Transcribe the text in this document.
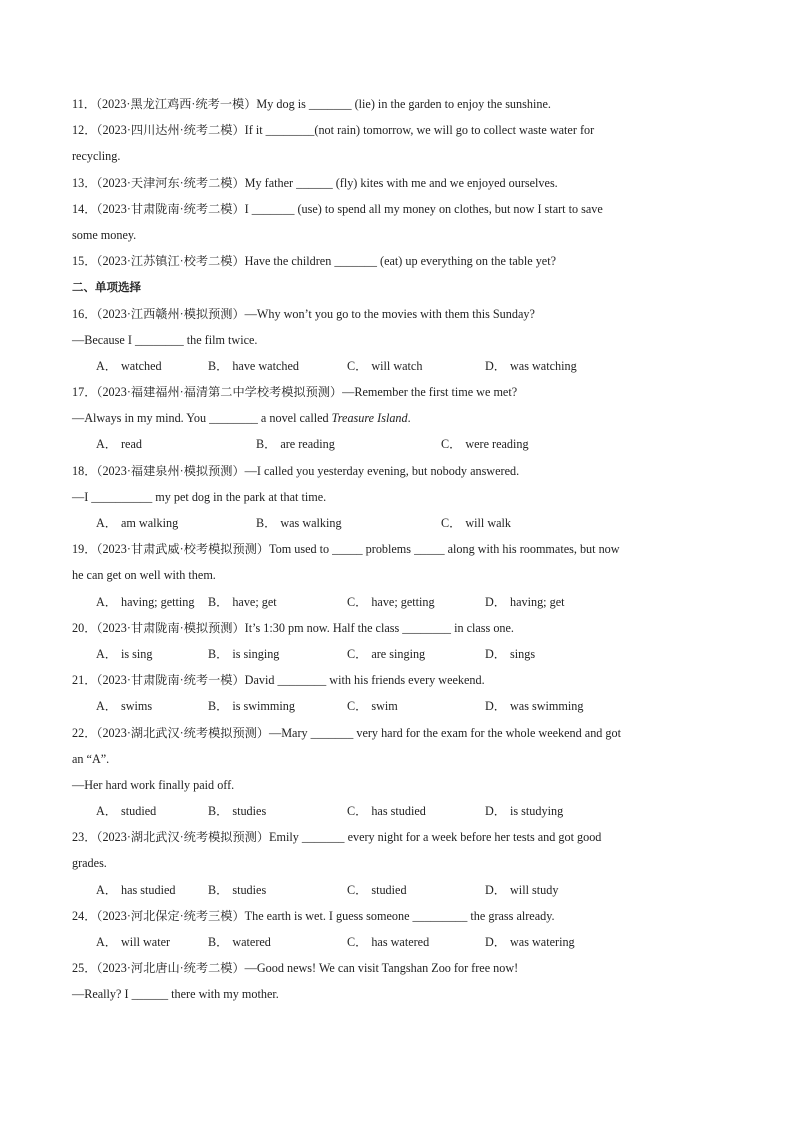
11．（2023·黑龙江鸡西·统考一模）My dog is _______ (lie) in the garden to enjoy the sunshine.
12．（2023·四川达州·统考二模）If it ________(not rain) tomorrow, we will go to collect waste water for
recycling.
13．（2023·天津河东·统考二模）My father ______ (fly) kites with me and we enjoyed ourselves.
14．（2023·甘肃陇南·统考二模）I _______ (use) to spend all my money on clothes, but now I start to save
some money.
15．（2023·江苏镇江·校考二模）Have the children _______ (eat) up everything on the table yet?
二、单项选择
16．（2023·江西赣州·模拟预测）—Why won’t you go to the movies with them this Sunday?
—Because I ________ the film twice.
A． watched	B． have watched	C． will watch	D． was watching
17．（2023·福建福州·福清第二中学校考模拟预测）—Remember the first time we met?
—Always in my mind. You ________ a novel called Treasure Island.
A． read	B． are reading	C． were reading
18．（2023·福建泉州·模拟预测）—I called you yesterday evening, but nobody answered.
—I __________ my pet dog in the park at that time.
A． am walking	B． was walking	C． will walk
19．（2023·甘肃武威·校考模拟预测）Tom used to _____ problems _____ along with his roommates, but now
he can get on well with them.
A． having; getting	B． have; get	C． have; getting	D． having; get
20．（2023·甘肃陇南·模拟预测）It’s 1:30 pm now. Half the class ________ in class one.
A． is sing	B． is singing	C． are singing	D． sings
21．（2023·甘肃陇南·统考一模）David ________ with his friends every weekend.
A． swims	B． is swimming	C． swim	D． was swimming
22．（2023·湖北武汉·统考模拟预测）—Mary _______ very hard for the exam for the whole weekend and got
an “A”.
—Her hard work finally paid off.
A． studied	B． studies	C． has studied	D． is studying
23．（2023·湖北武汉·统考模拟预测）Emily _______ every night for a week before her tests and got good
grades.
A． has studied	B． studies	C． studied	D． will study
24．（2023·河北保定·统考三模）The earth is wet. I guess someone _________ the grass already.
A． will water	B． watered	C． has watered	D． was watering
25．（2023·河北唐山·统考二模）—Good news! We can visit Tangshan Zoo for free now!
—Really? I ______ there with my mother.
